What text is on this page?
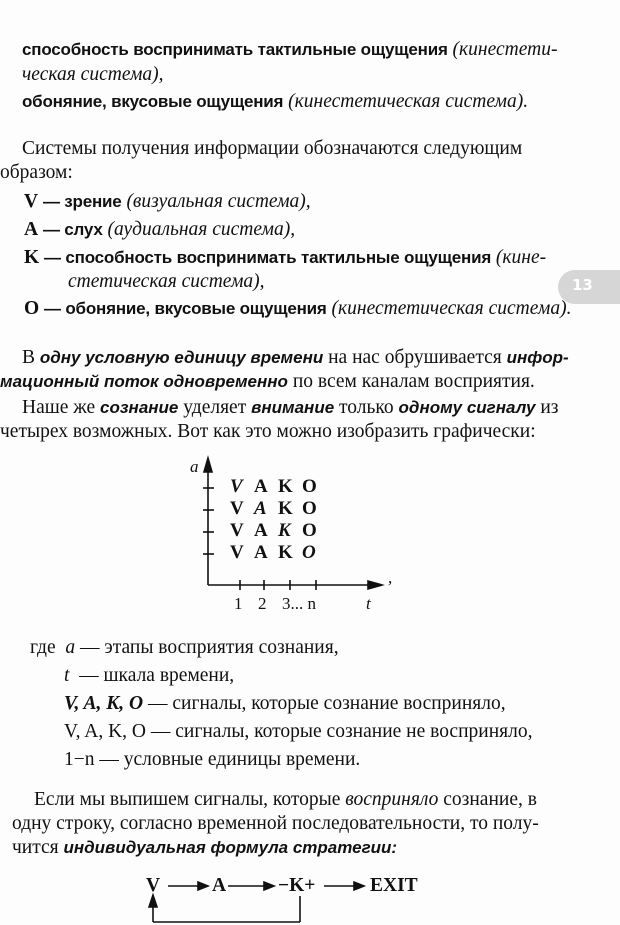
13
способность воспринимать тактильные ощущения (кинестети-
ческая система),
обоняние, вкусовые ощущения (кинестетическая система).
Системы получения информации обозначаются следующим
образом:
V — зрение (визуальная система),
A — слух (аудиальная система),
K — способность воспринимать тактильные ощущения (кине-
стетическая система),
O — обоняние, вкусовые ощущения (кинестетическая система).
В одну условную единицу времени на нас обрушивается инфор-
мационный поток одновременно по всем каналам восприятия.
Наше же сознание уделяет внимание только одному сигналу из
четырех возможных. Вот как это можно изобразить графически:
a
t
1 2 3... n
,
V A K O
V A K O
V A K O
V A K O
где a — этапы восприятия сознания,
t — шкала времени,
V, A, K, O — сигналы, которые сознание восприняло,
V, A, K, O — сигналы, которые сознание не восприняло,
1−n — условные единицы времени.
Если мы выпишем сигналы, которые восприняло сознание, в
одну строку, согласно временной последовательности, то полу-
чится индивидуальная формула стратегии:
V	A	−K+	EXIT
